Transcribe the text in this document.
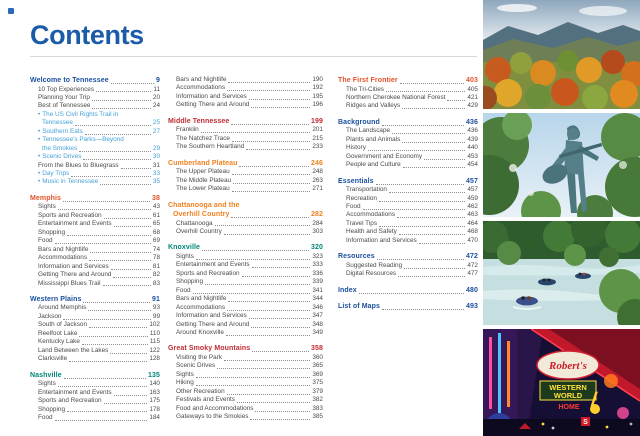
Contents
Welcome to Tennessee	9
10 Top Experiences	11
Planning Your Trip	20
Best of Tennessee	24
• The US Civil Rights Trail in
Tennessee	25
• Southern Eats	27
• Tennessee's Parks—Beyond
the Smokies	29
• Scenic Drives	30
From the Blues to Bluegrass	31
• Day Trips	33
• Music in Tennessee	35
Memphis	38
Sights	43
Sports and Recreation	61
Entertainment and Events	65
Shopping	68
Food	69
Bars and Nightlife	74
Accommodations	78
Information and Services	81
Getting There and Around	82
Mississippi Blues Trail	83
Western Plains	91
Around Memphis	93
Jackson	99
South of Jackson	102
Reelfoot Lake	110
Kentucky Lake	115
Land Between the Lakes	122
Clarksville	128
Nashville	135
Sights	140
Entertainment and Events	163
Sports and Recreation	175
Shopping	178
Food	184
Bars and Nightlife	190
Accommodations	192
Information and Services	195
Getting There and Around	196
Middle Tennessee	199
Franklin	201
The Natchez Trace	215
The Southern Heartland	233
Cumberland Plateau	246
The Upper Plateau	248
The Middle Plateau	263
The Lower Plateau	271
Chattanooga and the
Overhill Country	282
Chattanooga	284
Overhill Country	303
Knoxville	320
Sights	323
Entertainment and Events	333
Sports and Recreation	336
Shopping	339
Food	341
Bars and Nightlife	344
Accommodations	346
Information and Services	347
Getting There and Around	348
Around Knoxville	349
Great Smoky Mountains	358
Visiting the Park	360
Scenic Drives	365
Sights	369
Hiking	375
Other Recreation	379
Festivals and Events	382
Food and Accommodations	383
Gateways to the Smokies	385
The First Frontier	403
The Tri-Cities	405
Northern Cherokee National Forest	421
Ridges and Valleys	429
Background	436
The Landscape	436
Plants and Animals	439
History	440
Government and Economy	453
People and Culture	454
Essentials	457
Transportation	457
Recreation	459
Food	462
Accommodations	463
Travel Tips	464
Health and Safety	468
Information and Services	470
Resources	472
Suggested Reading	472
Digital Resources	477
Index	480
List of Maps	493
Robert's
WESTERN
WORLD
HOME
S
